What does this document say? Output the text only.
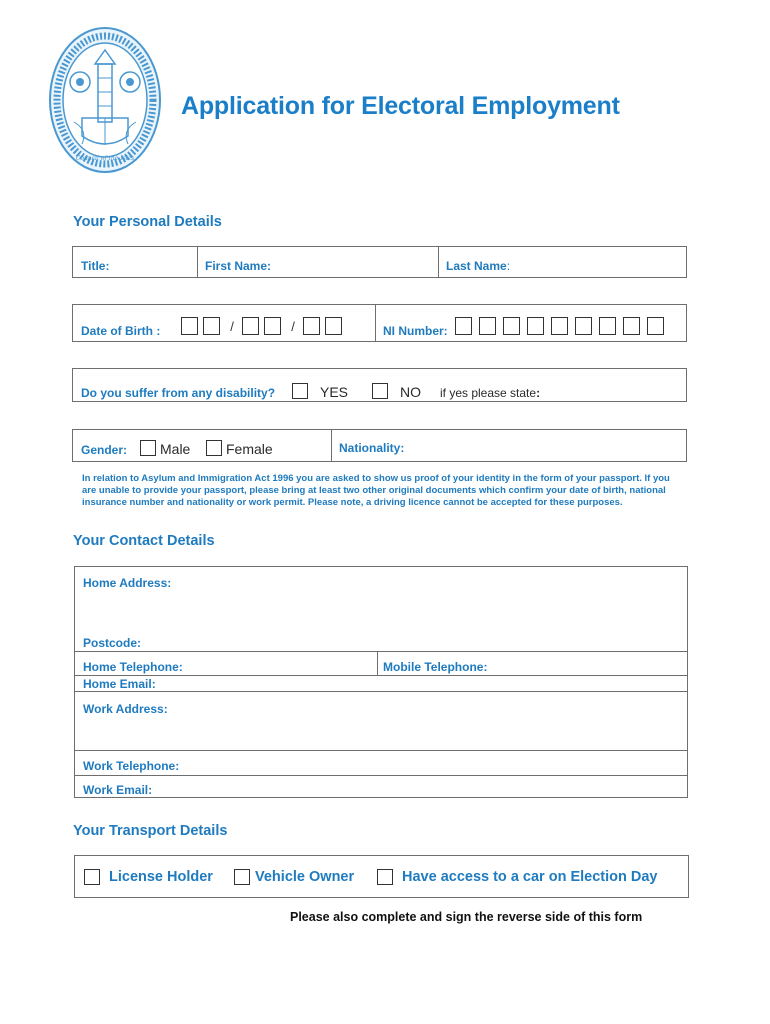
Council of the Isles
Application for Electoral Employment
Your Personal Details
Title:	First Name:	Last Name:
Date of Birth :	/	/	NI Number:
Do you suffer from any disability?	YES	NO if yes please state:
Gender: Male	Female	Nationality:
In relation to Asylum and Immigration Act 1996 you are asked to show us proof of your identity in the form of your passport. If you are unable to provide your passport, please bring at least two other original documents which confirm your date of birth, national insurance number and nationality or work permit. Please note, a driving licence cannot be accepted for these purposes.
Your Contact Details
Home Address:
Postcode:
Home Telephone:	Mobile Telephone:
Home Email:
Work Address:
Work Telephone:
Work Email:
Your Transport Details
License Holder	Vehicle Owner	Have access to a car on Election Day
Please also complete and sign the reverse side of this form
